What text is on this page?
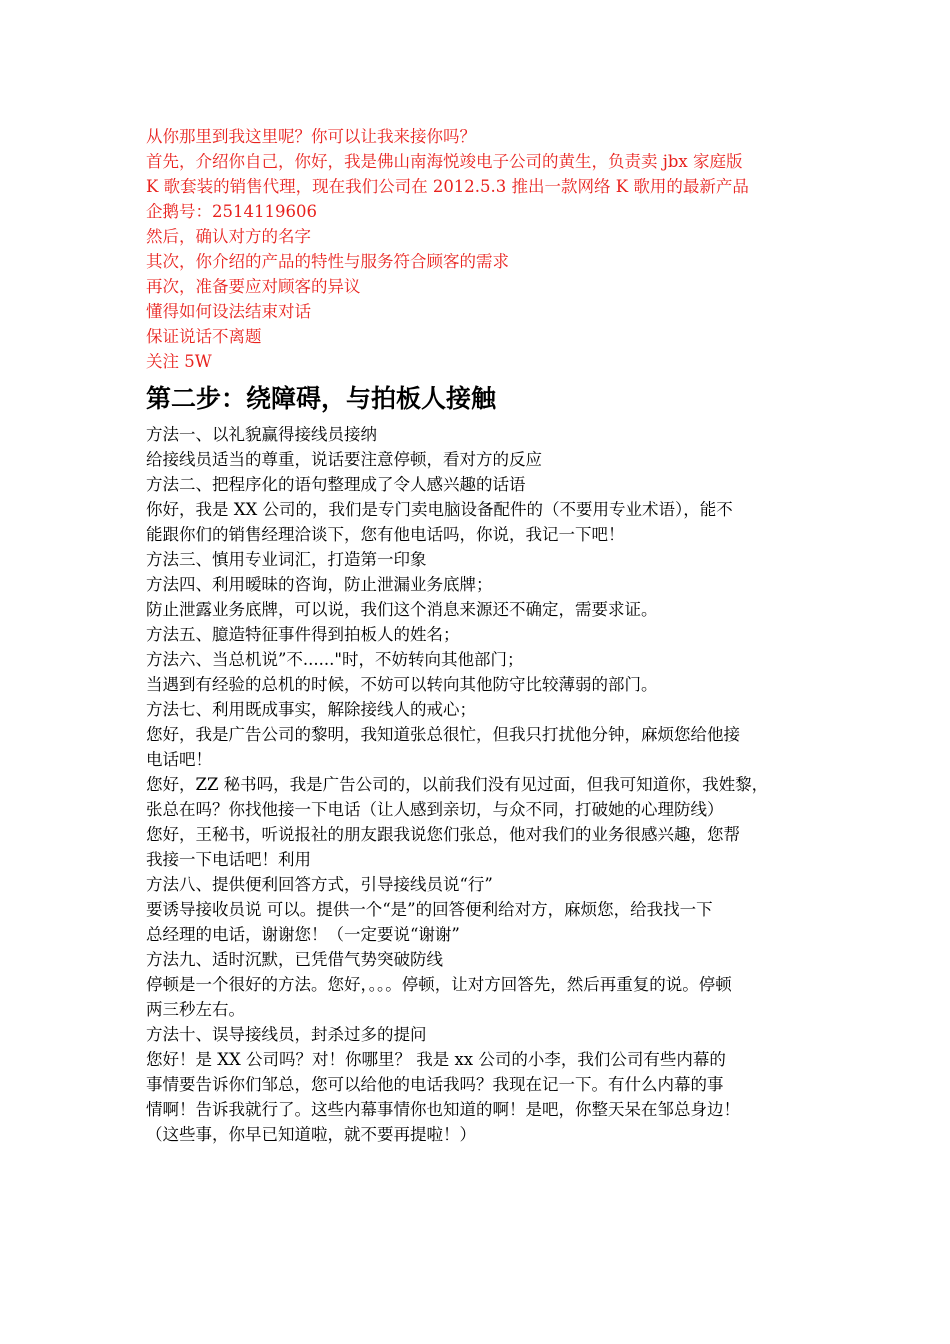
从你那里到我这里呢？你可以让我来接你吗？
首先，介绍你自己，你好，我是佛山南海悦竣电子公司的黄生，负责卖 jbx 家庭版
K 歌套装的销售代理，现在我们公司在 2012.5.3 推出一款网络 K 歌用的最新产品
企鹅号：2514119606
然后，确认对方的名字
其次，你介绍的产品的特性与服务符合顾客的需求
再次，准备要应对顾客的异议
懂得如何设法结束对话
保证说话不离题
关注 5W
第二步：绕障碍，与拍板人接触
方法一、以礼貌赢得接线员接纳
给接线员适当的尊重，说话要注意停顿，看对方的反应
方法二、把程序化的语句整理成了令人感兴趣的话语
你好，我是 XX 公司的，我们是专门卖电脑设备配件的（不要用专业术语），能不
能跟你们的销售经理洽谈下，您有他电话吗，你说，我记一下吧！
方法三、慎用专业词汇，打造第一印象
方法四、利用暧昧的咨询，防止泄漏业务底牌；
防止泄露业务底牌，可以说，我们这个消息来源还不确定，需要求证。
方法五、臆造特征事件得到拍板人的姓名；
方法六、当总机说”不......"时，不妨转向其他部门；
当遇到有经验的总机的时候，不妨可以转向其他防守比较薄弱的部门。
方法七、利用既成事实，解除接线人的戒心；
您好，我是广告公司的黎明，我知道张总很忙，但我只打扰他分钟，麻烦您给他接
电话吧！
您好，ZZ 秘书吗，我是广告公司的，以前我们没有见过面，但我可知道你，我姓黎，
张总在吗？你找他接一下电话（让人感到亲切，与众不同，打破她的心理防线）
您好，王秘书，听说报社的朋友跟我说您们张总，他对我们的业务很感兴趣，您帮
我接一下电话吧！利用
方法八、提供便利回答方式，引导接线员说“行”
要诱导接收员说 可以。提供一个“是”的回答便利给对方，麻烦您，给我找一下
总经理的电话，谢谢您！（一定要说“谢谢”
方法九、适时沉默，已凭借气势突破防线
停顿是一个很好的方法。您好，。。。停顿，让对方回答先，然后再重复的说。停顿
两三秒左右。
方法十、误导接线员，封杀过多的提问
您好！是 XX 公司吗？对！你哪里？ 我是 xx 公司的小李，我们公司有些内幕的
事情要告诉你们邹总，您可以给他的电话我吗？我现在记一下。有什么内幕的事
情啊！告诉我就行了。这些内幕事情你也知道的啊！是吧，你整天呆在邹总身边！
（这些事，你早已知道啦，就不要再提啦！）
